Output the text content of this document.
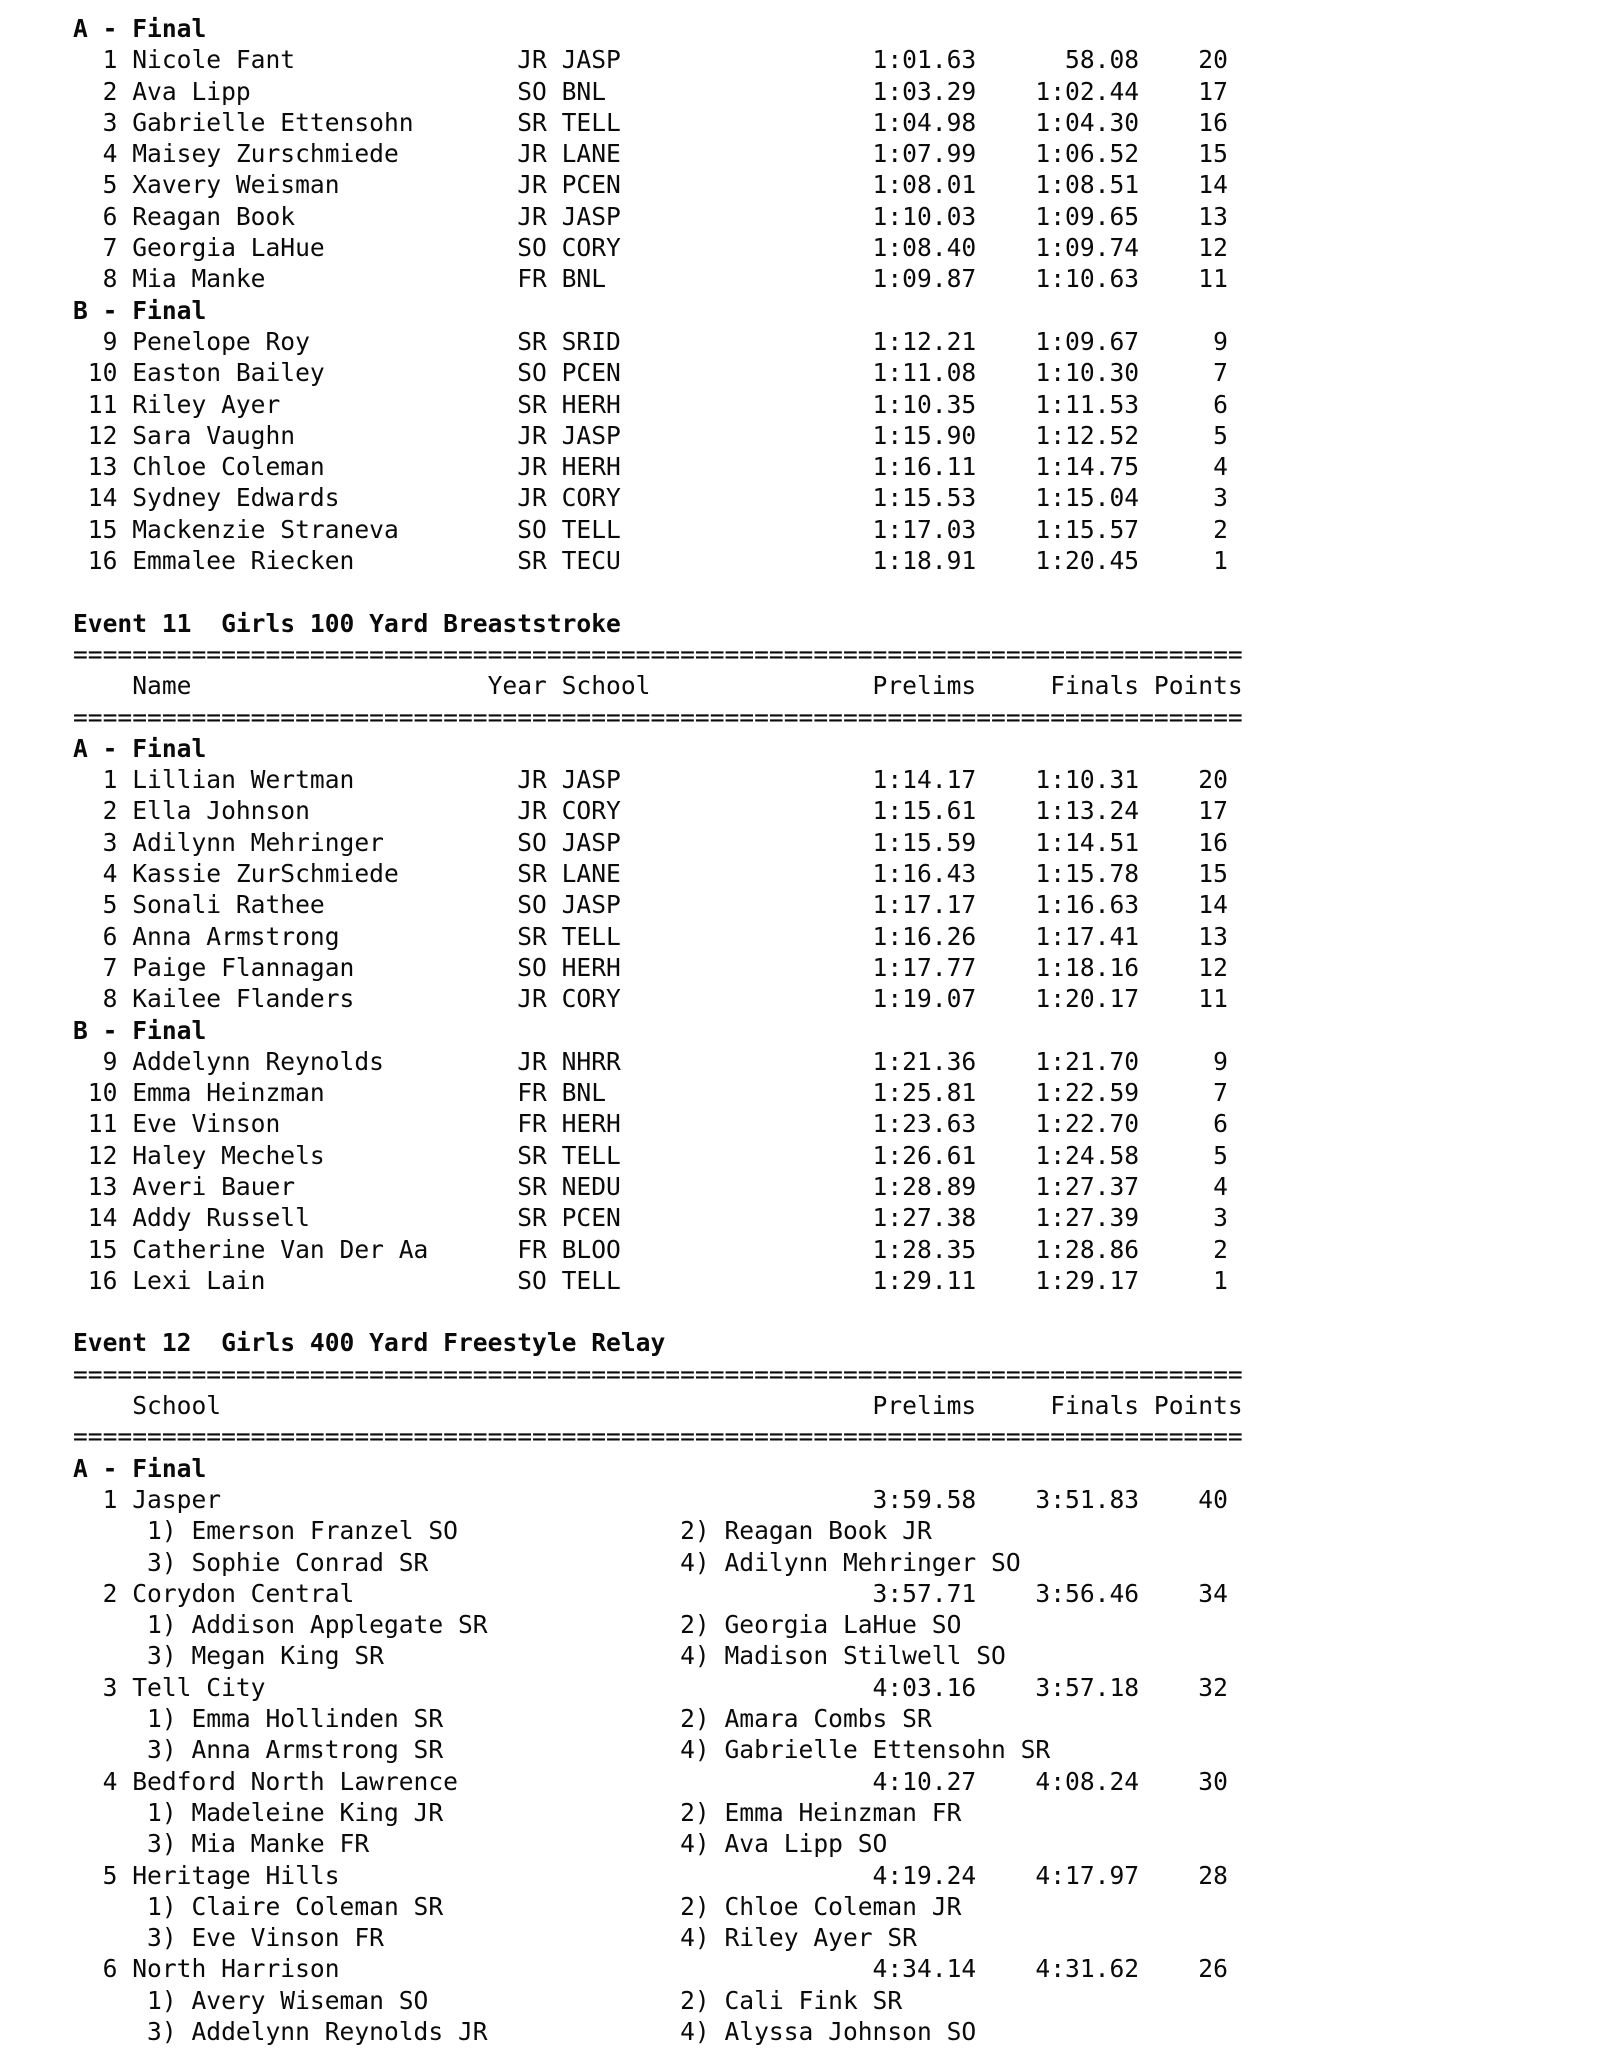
A - Final
1 Nicole Fant               JR JASP                 1:01.63      58.08    20
2 Ava Lipp                  SO BNL                  1:03.29    1:02.44    17
3 Gabrielle Ettensohn       SR TELL                 1:04.98    1:04.30    16
4 Maisey Zurschmiede        JR LANE                 1:07.99    1:06.52    15
5 Xavery Weisman            JR PCEN                 1:08.01    1:08.51    14
6 Reagan Book               JR JASP                 1:10.03    1:09.65    13
7 Georgia LaHue             SO CORY                 1:08.40    1:09.74    12
8 Mia Manke                 FR BNL                  1:09.87    1:10.63    11
B - Final
9 Penelope Roy              SR SRID                 1:12.21    1:09.67     9
10 Easton Bailey             SO PCEN                 1:11.08    1:10.30     7
11 Riley Ayer                SR HERH                 1:10.35    1:11.53     6
12 Sara Vaughn               JR JASP                 1:15.90    1:12.52     5
13 Chloe Coleman             JR HERH                 1:16.11    1:14.75     4
14 Sydney Edwards            JR CORY                 1:15.53    1:15.04     3
15 Mackenzie Straneva        SO TELL                 1:17.03    1:15.57     2
16 Emmalee Riecken           SR TECU                 1:18.91    1:20.45     1

Event 11  Girls 100 Yard Breaststroke
===============================================================================
Name                    Year School               Prelims     Finals Points
===============================================================================
A - Final
1 Lillian Wertman           JR JASP                 1:14.17    1:10.31    20
2 Ella Johnson              JR CORY                 1:15.61    1:13.24    17
3 Adilynn Mehringer         SO JASP                 1:15.59    1:14.51    16
4 Kassie ZurSchmiede        SR LANE                 1:16.43    1:15.78    15
5 Sonali Rathee             SO JASP                 1:17.17    1:16.63    14
6 Anna Armstrong            SR TELL                 1:16.26    1:17.41    13
7 Paige Flannagan           SO HERH                 1:17.77    1:18.16    12
8 Kailee Flanders           JR CORY                 1:19.07    1:20.17    11
B - Final
9 Addelynn Reynolds         JR NHRR                 1:21.36    1:21.70     9
10 Emma Heinzman             FR BNL                  1:25.81    1:22.59     7
11 Eve Vinson                FR HERH                 1:23.63    1:22.70     6
12 Haley Mechels             SR TELL                 1:26.61    1:24.58     5
13 Averi Bauer               SR NEDU                 1:28.89    1:27.37     4
14 Addy Russell              SR PCEN                 1:27.38    1:27.39     3
15 Catherine Van Der Aa      FR BLOO                 1:28.35    1:28.86     2
16 Lexi Lain                 SO TELL                 1:29.11    1:29.17     1

Event 12  Girls 400 Yard Freestyle Relay
===============================================================================
School                                            Prelims     Finals Points
===============================================================================
A - Final
1 Jasper                                            3:59.58    3:51.83    40
1) Emerson Franzel SO               2) Reagan Book JR
3) Sophie Conrad SR                 4) Adilynn Mehringer SO
2 Corydon Central                                   3:57.71    3:56.46    34
1) Addison Applegate SR             2) Georgia LaHue SO
3) Megan King SR                    4) Madison Stilwell SO
3 Tell City                                         4:03.16    3:57.18    32
1) Emma Hollinden SR                2) Amara Combs SR
3) Anna Armstrong SR                4) Gabrielle Ettensohn SR
4 Bedford North Lawrence                            4:10.27    4:08.24    30
1) Madeleine King JR                2) Emma Heinzman FR
3) Mia Manke FR                     4) Ava Lipp SO
5 Heritage Hills                                    4:19.24    4:17.97    28
1) Claire Coleman SR                2) Chloe Coleman JR
3) Eve Vinson FR                    4) Riley Ayer SR
6 North Harrison                                    4:34.14    4:31.62    26
1) Avery Wiseman SO                 2) Cali Fink SR
3) Addelynn Reynolds JR             4) Alyssa Johnson SO
